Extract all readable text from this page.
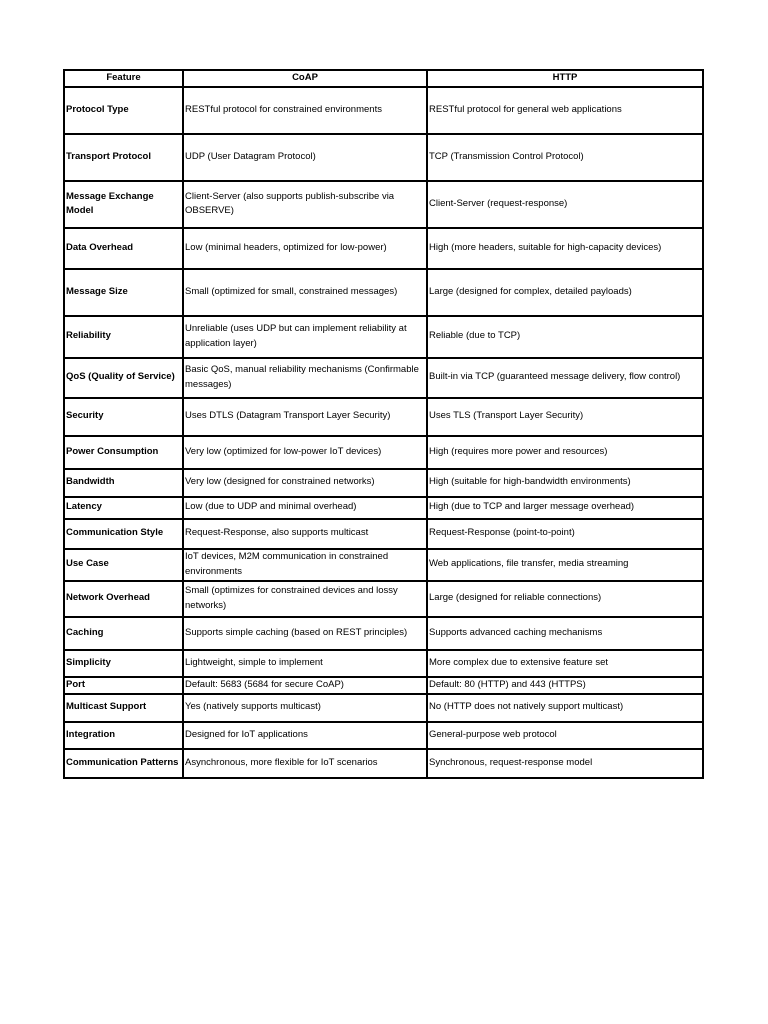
Feature	CoAP	HTTP
Protocol Type	RESTful protocol for constrained environments	RESTful protocol for general web applications
Transport Protocol	UDP (User Datagram Protocol)	TCP (Transmission Control Protocol)
Message Exchange Model	Client-Server (also supports publish-subscribe via OBSERVE)	Client-Server (request-response)
Data Overhead	Low (minimal headers, optimized for low-power)	High (more headers, suitable for high-capacity devices)
Message Size	Small (optimized for small, constrained messages)	Large (designed for complex, detailed payloads)
Reliability	Unreliable (uses UDP but can implement reliability at application layer)	Reliable (due to TCP)
QoS (Quality of Service)	Basic QoS, manual reliability mechanisms (Confirmable messages)	Built-in via TCP (guaranteed message delivery, flow control)
Security	Uses DTLS (Datagram Transport Layer Security)	Uses TLS (Transport Layer Security)
Power Consumption	Very low (optimized for low-power IoT devices)	High (requires more power and resources)
Bandwidth	Very low (designed for constrained networks)	High (suitable for high-bandwidth environments)
Latency	Low (due to UDP and minimal overhead)	High (due to TCP and larger message overhead)
Communication Style	Request-Response, also supports multicast	Request-Response (point-to-point)
Use Case	IoT devices, M2M communication in constrained environments	Web applications, file transfer, media streaming
Network Overhead	Small (optimizes for constrained devices and lossy networks)	Large (designed for reliable connections)
Caching	Supports simple caching (based on REST principles)	Supports advanced caching mechanisms
Simplicity	Lightweight, simple to implement	More complex due to extensive feature set
Port	Default: 5683 (5684 for secure CoAP)	Default: 80 (HTTP) and 443 (HTTPS)
Multicast Support	Yes (natively supports multicast)	No (HTTP does not natively support multicast)
Integration	Designed for IoT applications	General-purpose web protocol
Communication Patterns	Asynchronous, more flexible for IoT scenarios	Synchronous, request-response model
